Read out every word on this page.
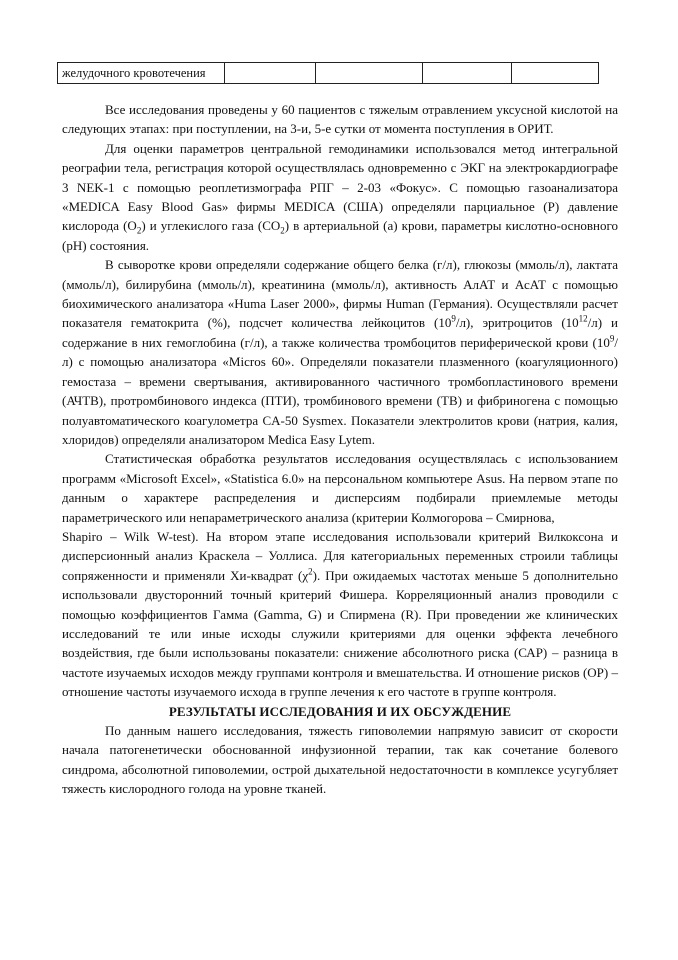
желудочного кровотечения				

Все исследования проведены у 60 пациентов с тяжелым отравлением уксусной кислотой на следующих этапах: при поступлении, на 3-и, 5-е сутки от момента поступления в ОРИТ.

Для оценки параметров центральной гемодинамики использовался метод интегральной реографии тела, регистрация которой осуществлялась одновременно с ЭКГ на электрокардиографе 3 NEK-1 с помощью реоплетизмографа РПГ – 2-03 «Фокус». С помощью газоанализатора «MEDICA Easy Blood Gas» фирмы MEDICA (США) определяли парциальное (Р) давление кислорода $(О_2)$ и углекислого газа $(СО_2)$ в артериальной (а) крови, параметры кислотно-основного (рН) состояния.

В сыворотке крови определяли содержание общего белка (г/л), глюкозы (ммоль/л), лактата (ммоль/л), билирубина (ммоль/л), креатинина (ммоль/л), активность АлАТ и АсАТ с помощью биохимического анализатора «Huma Laser 2000», фирмы Human (Германия). Осуществляли расчет показателя гематокрита (%), подсчет количества лейкоцитов $(10^9/л)$, эритроцитов $(10^{12}/л)$ и содержание в них гемоглобина (г/л), а также количества тромбоцитов периферической крови $(10^9/л)$ с помощью анализатора «Micros 60». Определяли показатели плазменного (коагуляционного) гемостаза – времени свертывания, активированного частичного тромбопластинового времени (АЧТВ), протромбинового индекса (ПТИ), тромбинового времени (ТВ) и фибриногена с помощью полуавтоматического коагулометра CA-50 Sysmex. Показатели электролитов крови (натрия, калия, хлоридов) определяли анализатором Medica Easy Lytem.

Статистическая обработка результатов исследования осуществлялась с использованием программ «Microsoft Excel», «Statistica 6.0» на персональном компьютере Asus. На первом этапе по данным о характере распределения и дисперсиям подбирали приемлемые методы параметрического или непараметрического анализа (критерии Колмогорова – Смирнова,

Shapiro – Wilk W-test). На втором этапе исследования использовали критерий Вилкоксона и дисперсионный анализ Краскела – Уоллиса. Для категориальных переменных строили таблицы сопряженности и применяли Хи-квадрат $(\chi^2)$. При ожидаемых частотах меньше 5 дополнительно использовали двусторонний точный критерий Фишера. Корреляционный анализ проводили с помощью коэффициентов Гамма (Gamma, G) и Спирмена (R). При проведении же клинических исследований те или иные исходы служили критериями для оценки эффекта лечебного воздействия, где были использованы показатели: снижение абсолютного риска (САР) – разница в частоте изучаемых исходов между группами контроля и вмешательства. И отношение рисков (ОР) – отношение частоты изучаемого исхода в группе лечения к его частоте в группе контроля.

РЕЗУЛЬТАТЫ ИССЛЕДОВАНИЯ И ИХ ОБСУЖДЕНИЕ

По данным нашего исследования, тяжесть гиповолемии напрямую зависит от скорости начала патогенетически обоснованной инфузионной терапии, так как сочетание болевого синдрома, абсолютной гиповолемии, острой дыхательной недостаточности в комплексе усугубляет тяжесть кислородного голода на уровне тканей.
